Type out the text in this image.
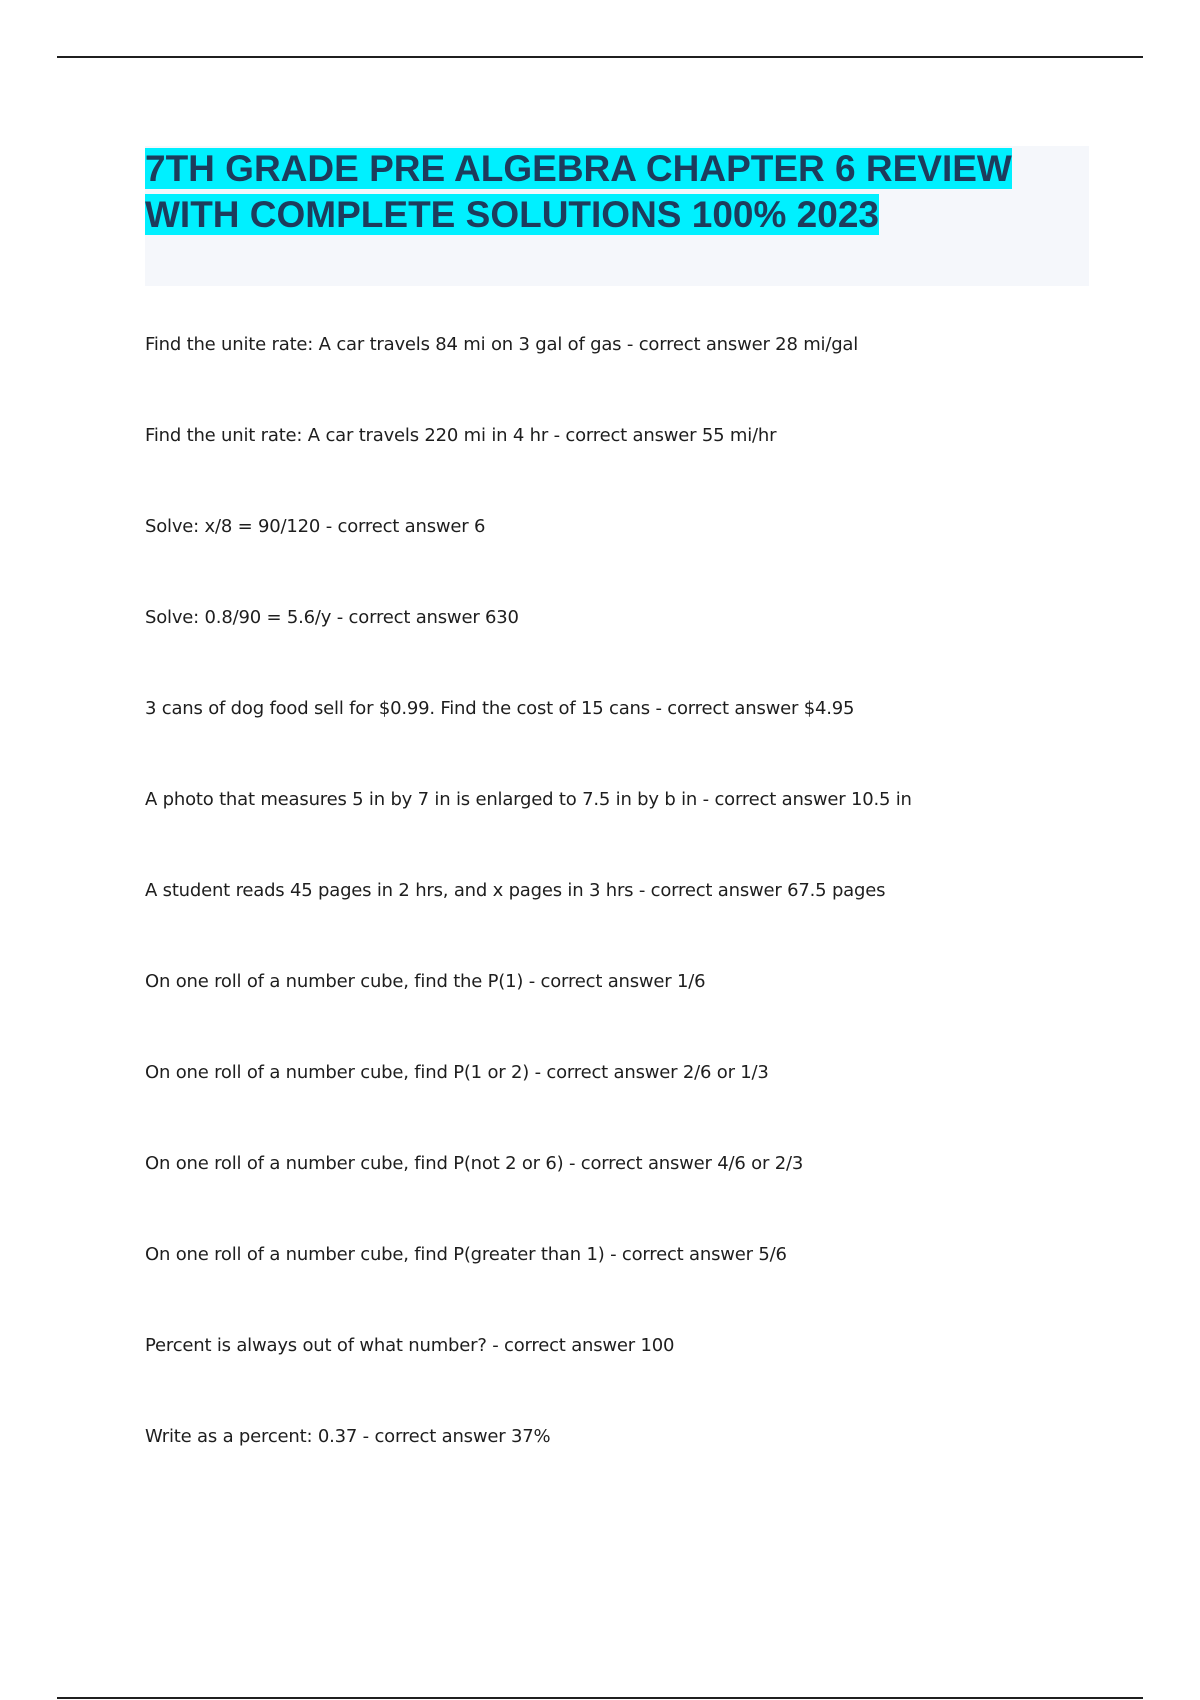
7TH GRADE PRE ALGEBRA CHAPTER 6 REVIEW WITH COMPLETE SOLUTIONS 100% 2023
Find the unite rate: A car travels 84 mi on 3 gal of gas - correct answer 28 mi/gal
Find the unit rate: A car travels 220 mi in 4 hr - correct answer 55 mi/hr
Solve: x/8 = 90/120 - correct answer 6
Solve: 0.8/90 = 5.6/y - correct answer 630
3 cans of dog food sell for $0.99. Find the cost of 15 cans - correct answer $4.95
A photo that measures 5 in by 7 in is enlarged to 7.5 in by b in - correct answer 10.5 in
A student reads 45 pages in 2 hrs, and x pages in 3 hrs - correct answer 67.5 pages
On one roll of a number cube, find the P(1) - correct answer 1/6
On one roll of a number cube, find P(1 or 2) - correct answer 2/6 or 1/3
On one roll of a number cube, find P(not 2 or 6) - correct answer 4/6 or 2/3
On one roll of a number cube, find P(greater than 1) - correct answer 5/6
Percent is always out of what number? - correct answer 100
Write as a percent: 0.37 - correct answer 37%
